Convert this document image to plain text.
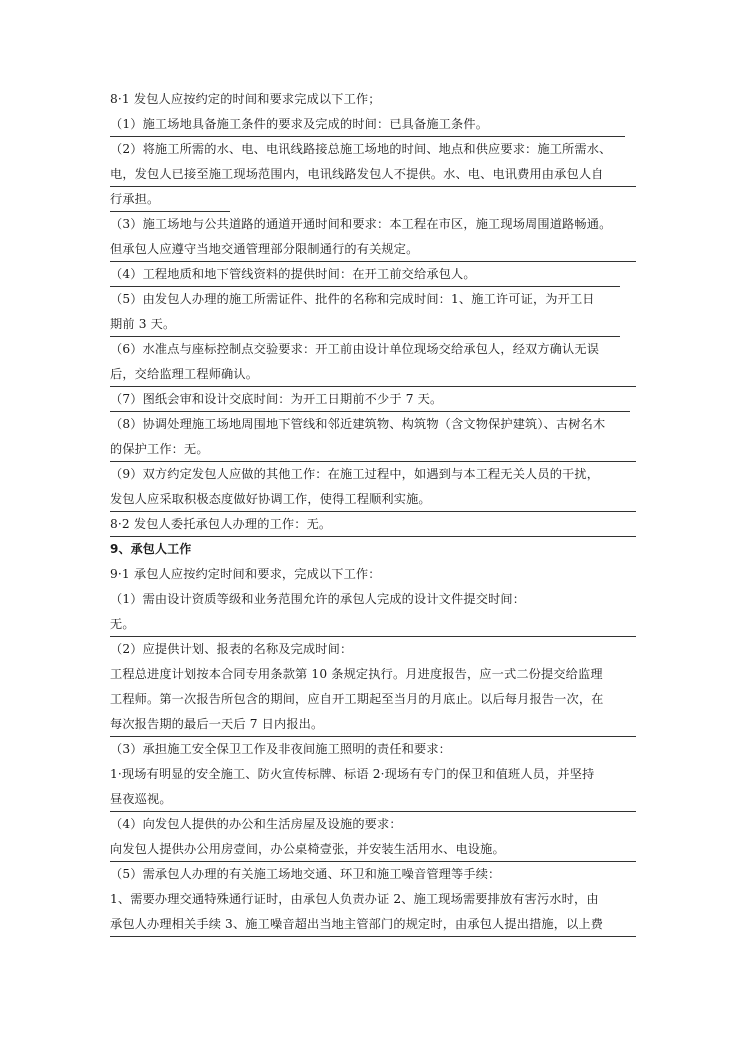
8·1 发包人应按约定的时间和要求完成以下工作；
（1）施工场地具备施工条件的要求及完成的时间：已具备施工条件。
（2）将施工所需的水、电、电讯线路接总施工场地的时间、地点和供应要求：施工所需水、
电，发包人已接至施工现场范围内，电讯线路发包人不提供。水、电、电讯费用由承包人自
行承担。
（3）施工场地与公共道路的通道开通时间和要求：本工程在市区，施工现场周围道路畅通。
但承包人应遵守当地交通管理部分限制通行的有关规定。
（4）工程地质和地下管线资料的提供时间：在开工前交给承包人。
（5）由发包人办理的施工所需证件、批件的名称和完成时间：1、施工许可证，为开工日
期前 3 天。
（6）水准点与座标控制点交验要求：开工前由设计单位现场交给承包人，经双方确认无误
后，交给监理工程师确认。
（7）图纸会审和设计交底时间：为开工日期前不少于 7 天。
（8）协调处理施工场地周围地下管线和邻近建筑物、构筑物（含文物保护建筑）、古树名木
的保护工作：无。
（9）双方约定发包人应做的其他工作：在施工过程中，如遇到与本工程无关人员的干扰，
发包人应采取积极态度做好协调工作，使得工程顺利实施。
8·2 发包人委托承包人办理的工作：无。
9、承包人工作
9·1 承包人应按约定时间和要求，完成以下工作：
（1）需由设计资质等级和业务范围允许的承包人完成的设计文件提交时间：
无。
（2）应提供计划、报表的名称及完成时间：
工程总进度计划按本合同专用条款第 10 条规定执行。月进度报告，应一式二份提交给监理
工程师。第一次报告所包含的期间，应自开工期起至当月的月底止。以后每月报告一次，在
每次报告期的最后一天后 7 日内报出。
（3）承担施工安全保卫工作及非夜间施工照明的责任和要求：
1·现场有明显的安全施工、防火宣传标牌、标语 2·现场有专门的保卫和值班人员，并坚持
昼夜巡视。
（4）向发包人提供的办公和生活房屋及设施的要求：
向发包人提供办公用房壹间，办公桌椅壹张，并安装生活用水、电设施。
（5）需承包人办理的有关施工场地交通、环卫和施工噪音管理等手续：
1、需要办理交通特殊通行证时，由承包人负责办证 2、施工现场需要排放有害污水时，由
承包人办理相关手续 3、施工噪音超出当地主管部门的规定时，由承包人提出措施，以上费
